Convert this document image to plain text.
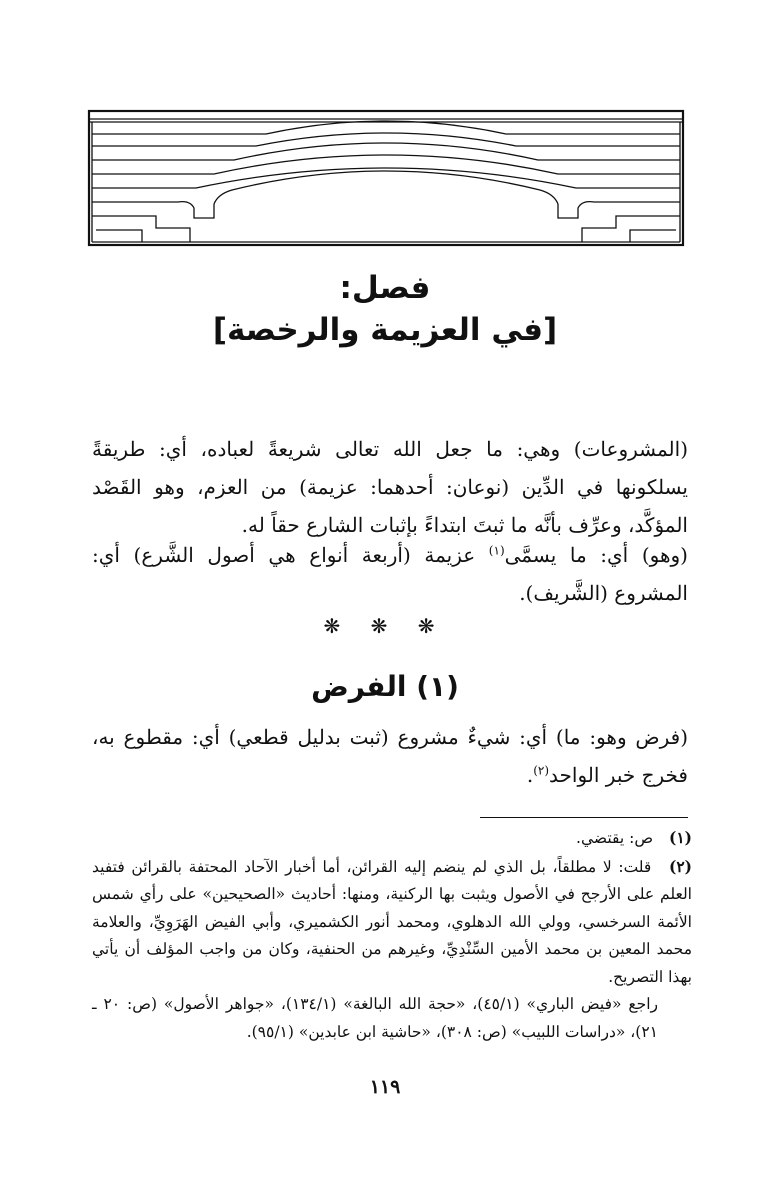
فصل:
[في العزيمة والرخصة]
(المشروعات) وهي: ما جعل الله تعالى شريعةً لعباده، أي: طريقةً يسلكونها في الدِّين (نوعان: أحدهما: عزيمة) من العزم، وهو القَصْد المؤكَّد، وعرِّف بأنَّه ما ثبتَ ابتداءً بإثبات الشارع حقاً له.
(وهو) أي: ما يسمَّى$^{(١)}$ عزيمة (أربعة أنواع هي أصول الشَّرع) أي: المشروع (الشَّريف).
❋ ❋ ❋
(١) الفرض
(فرض وهو: ما) أي: شيءٌ مشروع (ثبت بدليل قطعي) أي: مقطوع به، فخرج خبر الواحد$^{(٢)}$.
(١) ص: يقتضي.
(٢) قلت: لا مطلقاً، بل الذي لم ينضم إليه القرائن، أما أخبار الآحاد المحتفة بالقرائن فتفيد العلم على الأرجح في الأصول ويثبت بها الركنية، ومنها: أحاديث «الصحيحين» على رأي شمس الأئمة السرخسي، وولي الله الدهلوي، ومحمد أنور الكشميري، وأبي الفيض الهَرَوِيِّ، والعلامة محمد المعين بن محمد الأمين السِّنْدِيِّ، وغيرهم من الحنفية، وكان من واجب المؤلف أن يأتي بهذا التصريح.
راجع «فيض الباري» (٤٥/١)، «حجة الله البالغة» (١٣٤/١)، «جواهر الأصول» (ص: ٢٠ ـ ٢١)، «دراسات اللبيب» (ص: ٣٠٨)، «حاشية ابن عابدين» (٩٥/١).
١١٩
